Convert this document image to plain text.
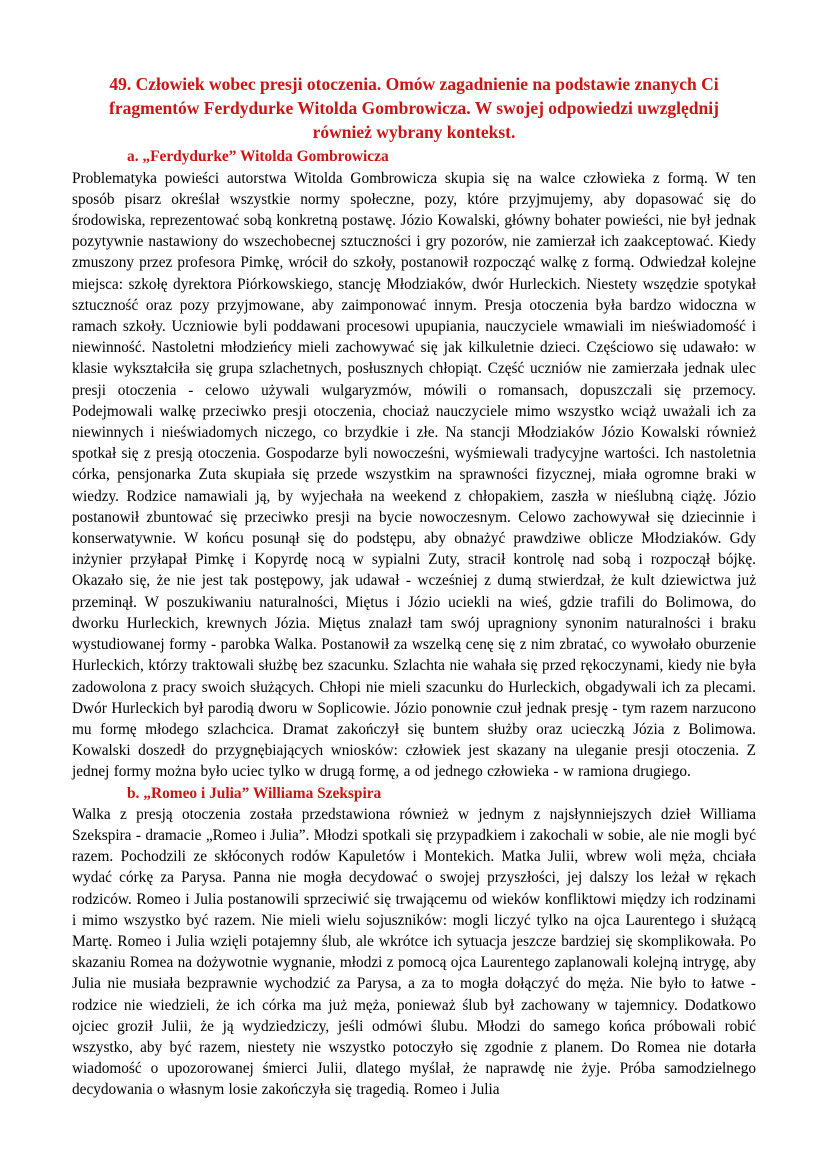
49. Człowiek wobec presji otoczenia. Omów zagadnienie na podstawie znanych Ci fragmentów Ferdydurke Witolda Gombrowicza. W swojej odpowiedzi uwzględnij również wybrany kontekst.
a. „Ferdydurke” Witolda Gombrowicza

Problematyka powieści autorstwa Witolda Gombrowicza skupia się na walce człowieka z formą. W ten sposób pisarz określał wszystkie normy społeczne, pozy, które przyjmujemy, aby dopasować się do środowiska, reprezentować sobą konkretną postawę. Józio Kowalski, główny bohater powieści, nie był jednak pozytywnie nastawiony do wszechobecnej sztuczności i gry pozorów, nie zamierzał ich zaakceptować. Kiedy zmuszony przez profesora Pimkę, wrócił do szkoły, postanowił rozpocząć walkę z formą. Odwiedzał kolejne miejsca: szkołę dyrektora Piórkowskiego, stancję Młodziaków, dwór Hurleckich. Niestety wszędzie spotykał sztuczność oraz pozy przyjmowane, aby zaimponować innym. Presja otoczenia była bardzo widoczna w ramach szkoły. Uczniowie byli poddawani procesowi upupiania, nauczyciele wmawiali im nieświadomość i niewinność. Nastoletni młodzieńcy mieli zachowywać się jak kilkuletnie dzieci. Częściowo się udawało: w klasie wykształciła się grupa szlachetnych, posłusznych chłopiąt. Część uczniów nie zamierzała jednak ulec presji otoczenia - celowo używali wulgaryzmów, mówili o romansach, dopuszczali się przemocy. Podejmowali walkę przeciwko presji otoczenia, chociaż nauczyciele mimo wszystko wciąż uważali ich za niewinnych i nieświadomych niczego, co brzydkie i złe. Na stancji Młodziaków Józio Kowalski również spotkał się z presją otoczenia. Gospodarze byli nowocześni, wyśmiewali tradycyjne wartości. Ich nastoletnia córka, pensjonarka Zuta skupiała się przede wszystkim na sprawności fizycznej, miała ogromne braki w wiedzy. Rodzice namawiali ją, by wyjechała na weekend z chłopakiem, zaszła w nieślubną ciążę. Józio postanowił zbuntować się przeciwko presji na bycie nowoczesnym. Celowo zachowywał się dziecinnie i konserwatywnie. W końcu posunął się do podstępu, aby obnażyć prawdziwe oblicze Młodziaków. Gdy inżynier przyłapał Pimkę i Kopyrdę nocą w sypialni Zuty, stracił kontrolę nad sobą i rozpoczął bójkę. Okazało się, że nie jest tak postępowy, jak udawał - wcześniej z dumą stwierdzał, że kult dziewictwa już przeminął. W poszukiwaniu naturalności, Miętus i Józio uciekli na wieś, gdzie trafili do Bolimowa, do dworku Hurleckich, krewnych Józia. Miętus znalazł tam swój upragniony synonim naturalności i braku wystudiowanej formy - parobka Walka. Postanowił za wszelką cenę się z nim zbratać, co wywołało oburzenie Hurleckich, którzy traktowali służbę bez szacunku. Szlachta nie wahała się przed rękoczynami, kiedy nie była zadowolona z pracy swoich służących. Chłopi nie mieli szacunku do Hurleckich, obgadywali ich za plecami. Dwór Hurleckich był parodią dworu w Soplicowie. Józio ponownie czuł jednak presję - tym razem narzucono mu formę młodego szlachcica. Dramat zakończył się buntem służby oraz ucieczką Józia z Bolimowa. Kowalski doszedł do przygnębiających wniosków: człowiek jest skazany na uleganie presji otoczenia. Z jednej formy można było uciec tylko w drugą formę, a od jednego człowieka - w ramiona drugiego.

b. „Romeo i Julia” Williama Szekspira

Walka z presją otoczenia została przedstawiona również w jednym z najsłynniejszych dzieł Williama Szekspira - dramacie „Romeo i Julia”. Młodzi spotkali się przypadkiem i zakochali w sobie, ale nie mogli być razem. Pochodzili ze skłóconych rodów Kapuletów i Montekich. Matka Julii, wbrew woli męża, chciała wydać córkę za Parysa. Panna nie mogła decydować o swojej przyszłości, jej dalszy los leżał w rękach rodziców. Romeo i Julia postanowili sprzeciwić się trwającemu od wieków konfliktowi między ich rodzinami i mimo wszystko być razem. Nie mieli wielu sojuszników: mogli liczyć tylko na ojca Laurentego i służącą Martę. Romeo i Julia wzięli potajemny ślub, ale wkrótce ich sytuacja jeszcze bardziej się skomplikowała. Po skazaniu Romea na dożywotnie wygnanie, młodzi z pomocą ojca Laurentego zaplanowali kolejną intrygę, aby Julia nie musiała bezprawnie wychodzić za Parysa, a za to mogła dołączyć do męża. Nie było to łatwe - rodzice nie wiedzieli, że ich córka ma już męża, ponieważ ślub był zachowany w tajemnicy. Dodatkowo ojciec groził Julii, że ją wydziedziczy, jeśli odmówi ślubu. Młodzi do samego końca próbowali robić wszystko, aby być razem, niestety nie wszystko potoczyło się zgodnie z planem. Do Romea nie dotarła wiadomość o upozorowanej śmierci Julii, dlatego myślał, że naprawdę nie żyje. Próba samodzielnego decydowania o własnym losie zakończyła się tragedią. Romeo i Julia
